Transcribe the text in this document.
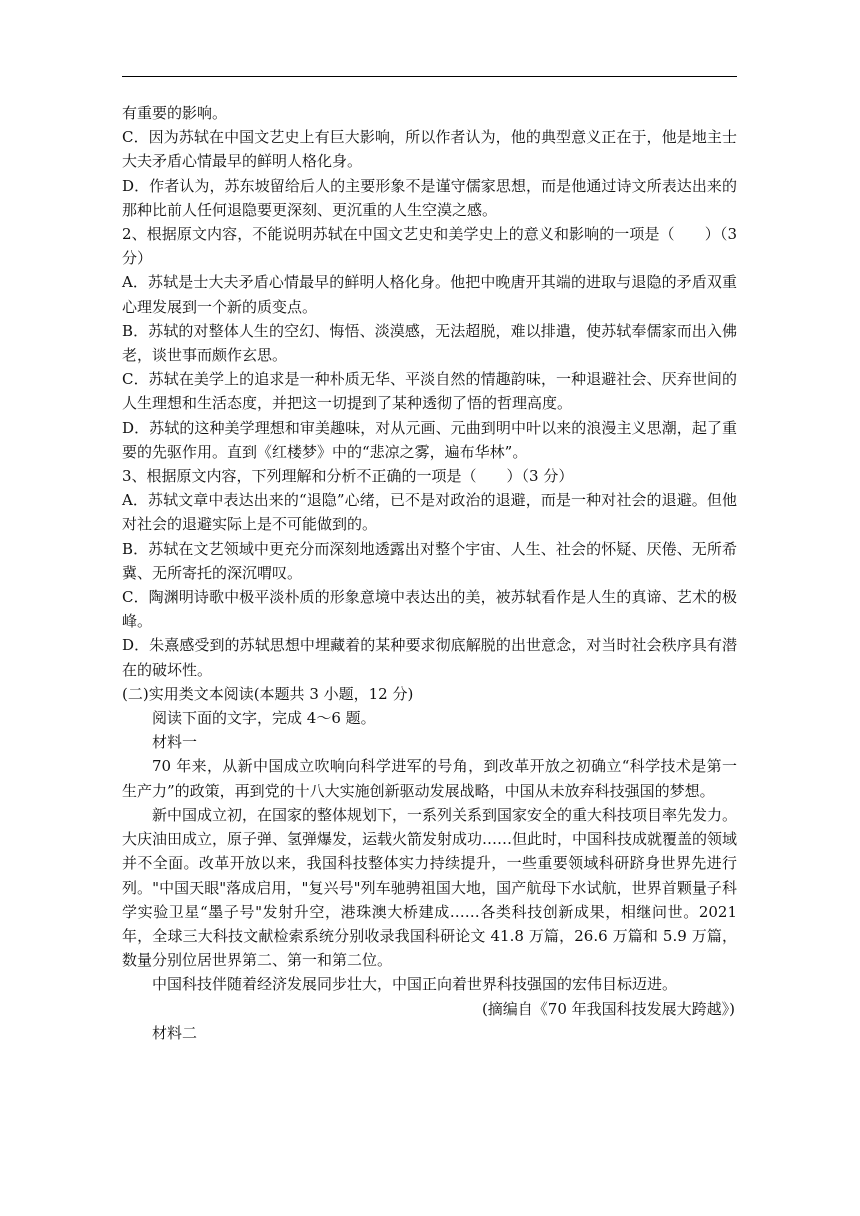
有重要的影响。

C．因为苏轼在中国文艺史上有巨大影响，所以作者认为，他的典型意义正在于，他是地主士大夫矛盾心情最早的鲜明人格化身。

D．作者认为，苏东坡留给后人的主要形象不是谨守儒家思想，而是他通过诗文所表达出来的那种比前人任何退隐要更深刻、更沉重的人生空漠之感。

2、根据原文内容，不能说明苏轼在中国文艺史和美学史上的意义和影响的一项是（　　）（3 分）

A．苏轼是士大夫矛盾心情最早的鲜明人格化身。他把中晚唐开其端的进取与退隐的矛盾双重心理发展到一个新的质变点。

B．苏轼的对整体人生的空幻、悔悟、淡漠感，无法超脱，难以排遣，使苏轼奉儒家而出入佛老，谈世事而颇作玄思。

C．苏轼在美学上的追求是一种朴质无华、平淡自然的情趣韵味，一种退避社会、厌弃世间的人生理想和生活态度，并把这一切提到了某种透彻了悟的哲理高度。

D．苏轼的这种美学理想和审美趣味，对从元画、元曲到明中叶以来的浪漫主义思潮，起了重要的先驱作用。直到《红楼梦》中的“悲凉之雾，遍布华林”。

3、根据原文内容，下列理解和分析不正确的一项是（　　）（3 分）

A．苏轼文章中表达出来的“退隐”心绪，已不是对政治的退避，而是一种对社会的退避。但他对社会的退避实际上是不可能做到的。

B．苏轼在文艺领域中更充分而深刻地透露出对整个宇宙、人生、社会的怀疑、厌倦、无所希冀、无所寄托的深沉喟叹。

C．陶渊明诗歌中极平淡朴质的形象意境中表达出的美，被苏轼看作是人生的真谛、艺术的极峰。

D．朱熹感受到的苏轼思想中埋藏着的某种要求彻底解脱的出世意念，对当时社会秩序具有潜在的破坏性。

(二)实用类文本阅读(本题共 3 小题，12 分)

阅读下面的文字，完成 4～6 题。

材料一

70 年来，从新中国成立吹响向科学进军的号角，到改革开放之初确立“科学技术是第一生产力”的政策，再到党的十八大实施创新驱动发展战略，中国从未放弃科技强国的梦想。

新中国成立初，在国家的整体规划下，一系列关系到国家安全的重大科技项目率先发力。大庆油田成立，原子弹、氢弹爆发，运载火箭发射成功……但此时，中国科技成就覆盖的领域并不全面。改革开放以来，我国科技整体实力持续提升，一些重要领域科研跻身世界先进行列。"中国天眼"落成启用，"复兴号"列车驰骋祖国大地，国产航母下水试航，世界首颗量子科学实验卫星“墨子号"发射升空，港珠澳大桥建成……各类科技创新成果，相继问世。2021 年，全球三大科技文献检索系统分别收录我国科研论文 41.8 万篇，26.6 万篇和 5.9 万篇，数量分别位居世界第二、第一和第二位。

中国科技伴随着经济发展同步壮大，中国正向着世界科技强国的宏伟目标迈进。

(摘编自《70 年我国科技发展大跨越》)

材料二
